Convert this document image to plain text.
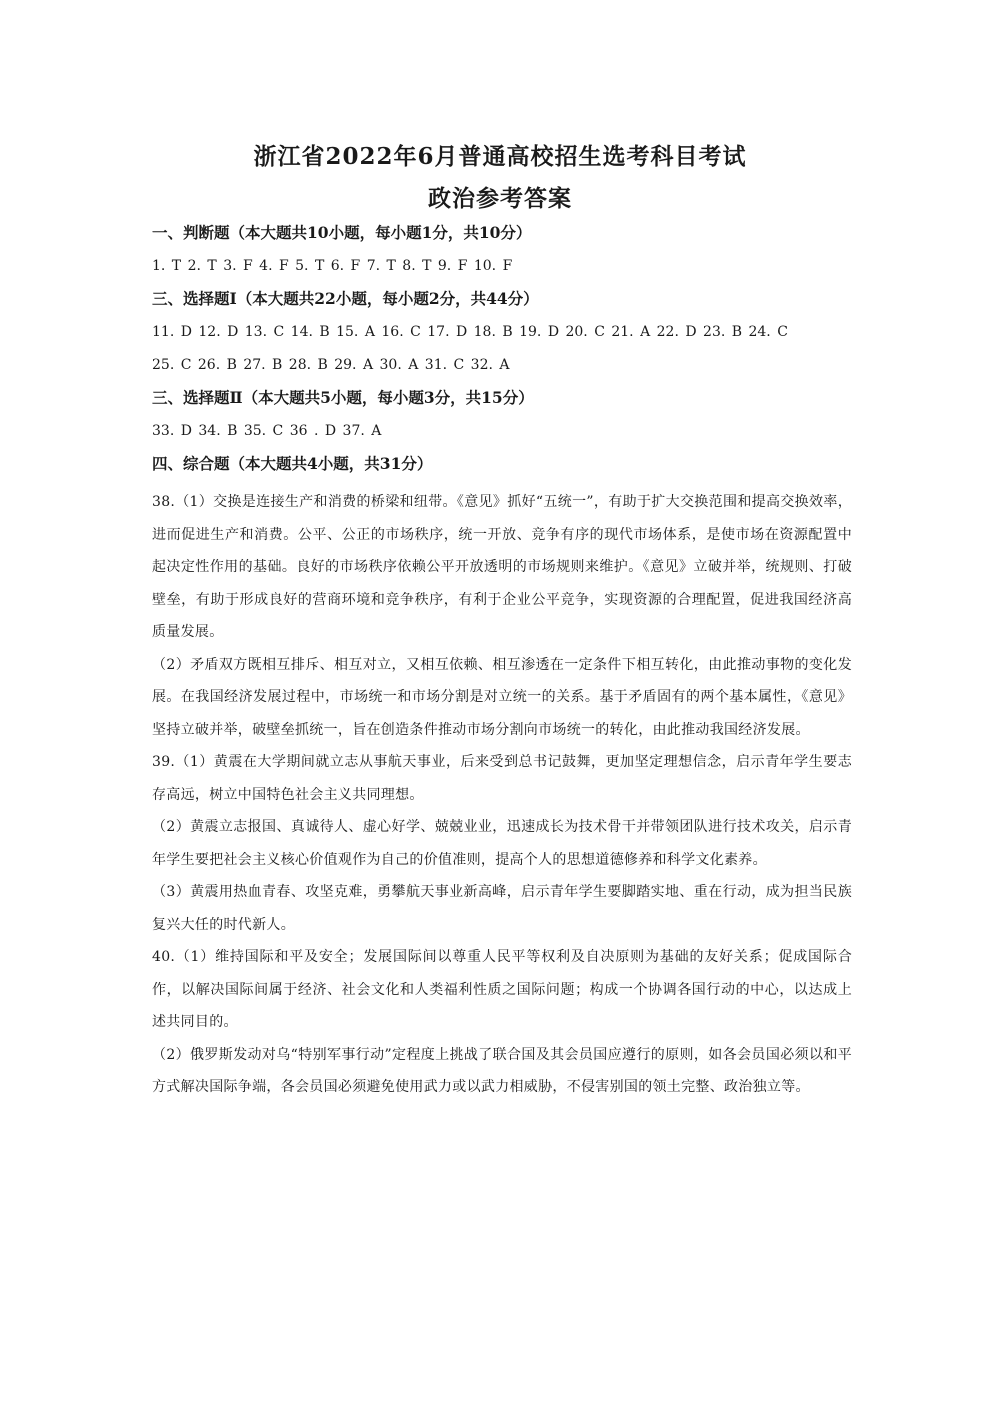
浙江省2022年6月普通高校招生选考科目考试
政治参考答案
一、判断题（本大题共10小题，每小题1分，共10分）
1. T 2. T 3. F 4. F 5. T 6. F 7. T 8. T 9. F 10. F
三、选择题Ⅰ（本大题共22小题，每小题2分，共44分）
11. D 12. D 13. C 14. B 15. A 16. C 17. D 18. B 19. D 20. C 21. A 22. D 23. B 24. C
25. C 26. B 27. B 28. B 29. A 30. A 31. C 32. A
三、选择题Ⅱ（本大题共5小题，每小题3分，共15分）
33. D 34. B 35. C 36 . D 37. A
四、综合题（本大题共4小题，共31分）

38.（1）交换是连接生产和消费的桥梁和纽带。《意见》抓好“五统一”，有助于扩大交换范围和提高交换效率，进而促进生产和消费。公平、公正的市场秩序，统一开放、竞争有序的现代市场体系，是使市场在资源配置中起决定性作用的基础。良好的市场秩序依赖公平开放透明的市场规则来维护。《意见》立破并举，统规则、打破壁垒，有助于形成良好的营商环境和竞争秩序，有利于企业公平竞争，实现资源的合理配置，促进我国经济高质量发展。

（2）矛盾双方既相互排斥、相互对立，又相互依赖、相互渗透在一定条件下相互转化，由此推动事物的变化发展。在我国经济发展过程中，市场统一和市场分割是对立统一的关系。基于矛盾固有的两个基本属性，《意见》坚持立破并举，破壁垒抓统一，旨在创造条件推动市场分割向市场统一的转化，由此推动我国经济发展。

39.（1）黄震在大学期间就立志从事航天事业，后来受到总书记鼓舞，更加坚定理想信念，启示青年学生要志存高远，树立中国特色社会主义共同理想。

（2）黄震立志报国、真诚待人、虚心好学、兢兢业业，迅速成长为技术骨干并带领团队进行技术攻关，启示青年学生要把社会主义核心价值观作为自己的价值准则，提高个人的思想道德修养和科学文化素养。

（3）黄震用热血青春、攻坚克难，勇攀航天事业新高峰，启示青年学生要脚踏实地、重在行动，成为担当民族复兴大任的时代新人。

40.（1）维持国际和平及安全；发展国际间以尊重人民平等权利及自决原则为基础的友好关系；促成国际合作，以解决国际间属于经济、社会文化和人类福利性质之国际问题；构成一个协调各国行动的中心，以达成上述共同目的。

（2）俄罗斯发动对乌“特别军事行动”定程度上挑战了联合国及其会员国应遵行的原则，如各会员国必须以和平方式解决国际争端，各会员国必须避免使用武力或以武力相威胁，不侵害别国的领土完整、政治独立等。
